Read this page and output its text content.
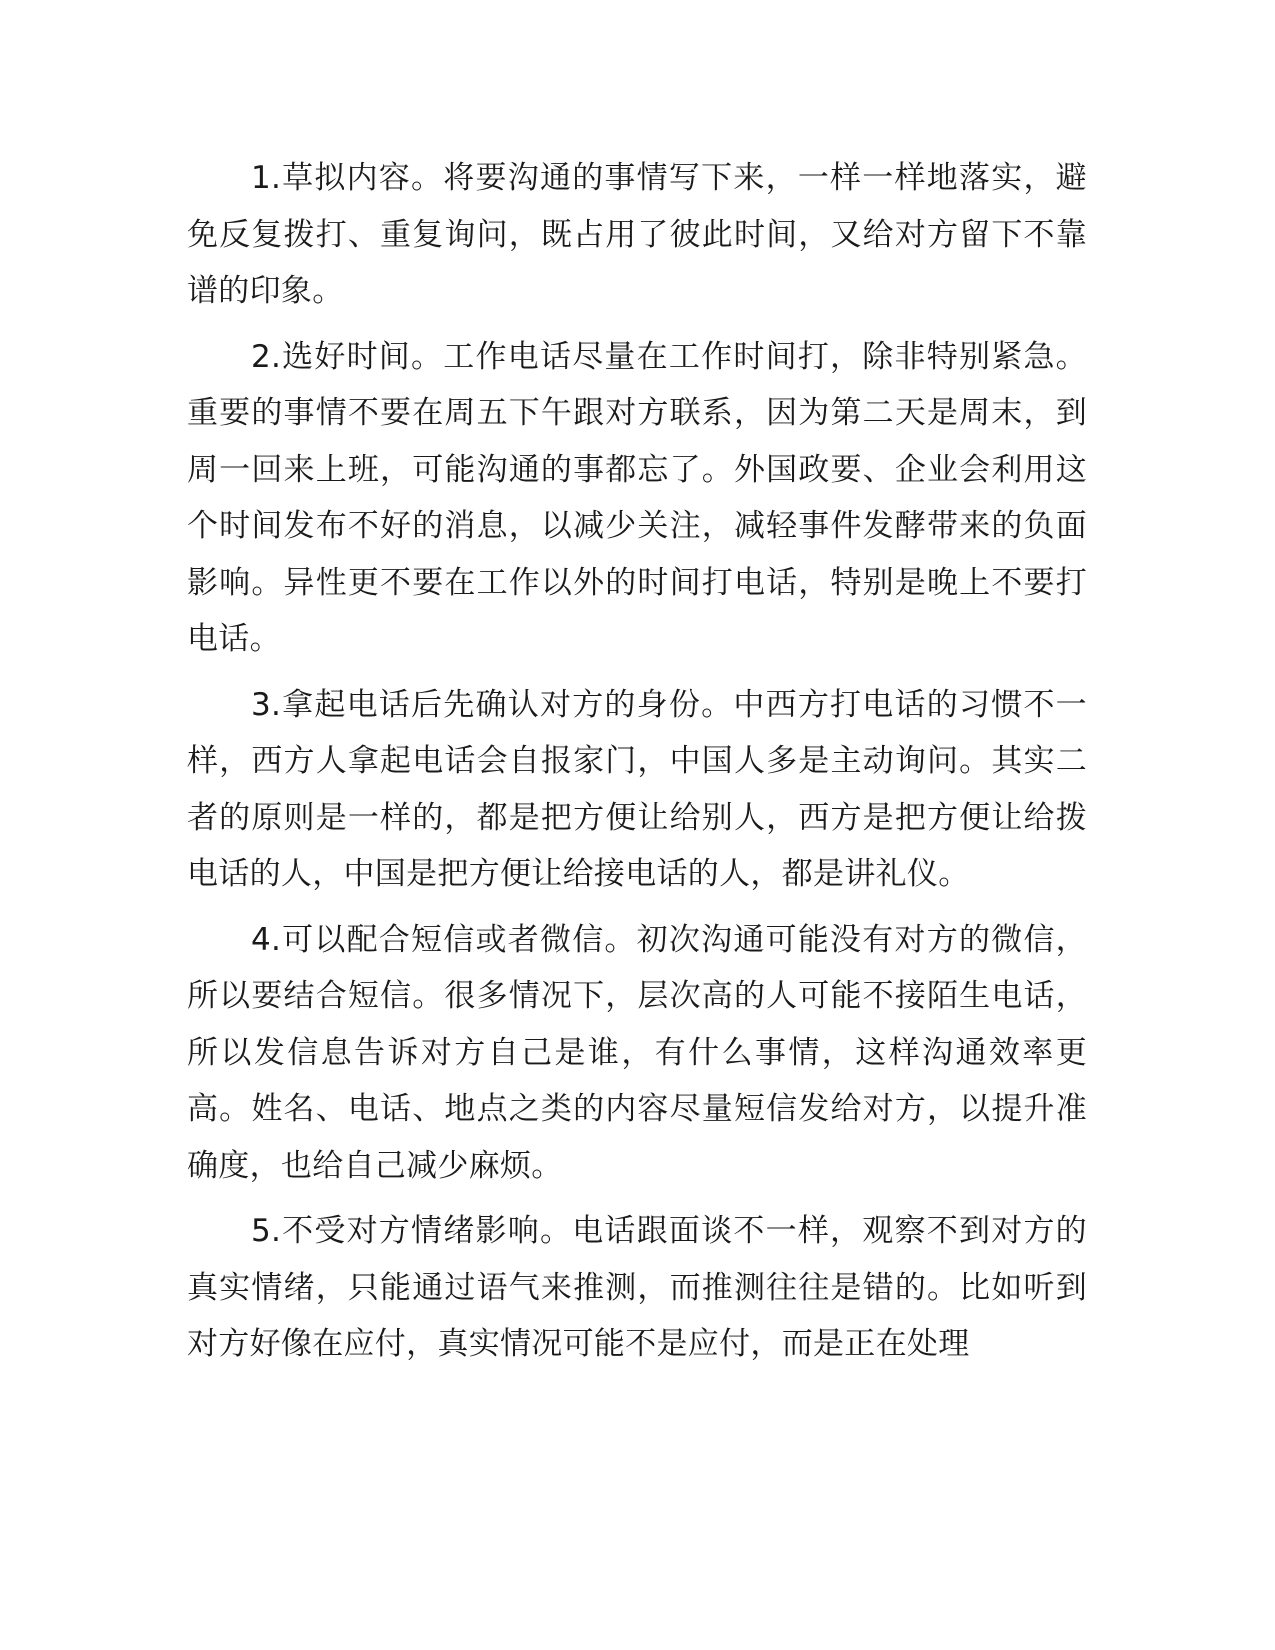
1.草拟内容。将要沟通的事情写下来，一样一样地落实，避免反复拨打、重复询问，既占用了彼此时间，又给对方留下不靠谱的印象。

2.选好时间。工作电话尽量在工作时间打，除非特别紧急。重要的事情不要在周五下午跟对方联系，因为第二天是周末，到周一回来上班，可能沟通的事都忘了。外国政要、企业会利用这个时间发布不好的消息，以减少关注，减轻事件发酵带来的负面影响。异性更不要在工作以外的时间打电话，特别是晚上不要打电话。

3.拿起电话后先确认对方的身份。中西方打电话的习惯不一样，西方人拿起电话会自报家门，中国人多是主动询问。其实二者的原则是一样的，都是把方便让给别人，西方是把方便让给拨电话的人，中国是把方便让给接电话的人，都是讲礼仪。

4.可以配合短信或者微信。初次沟通可能没有对方的微信，所以要结合短信。很多情况下，层次高的人可能不接陌生电话，所以发信息告诉对方自己是谁，有什么事情，这样沟通效率更高。姓名、电话、地点之类的内容尽量短信发给对方，以提升准确度，也给自己减少麻烦。

5.不受对方情绪影响。电话跟面谈不一样，观察不到对方的真实情绪，只能通过语气来推测，而推测往往是错的。比如听到对方好像在应付，真实情况可能不是应付，而是正在处理
